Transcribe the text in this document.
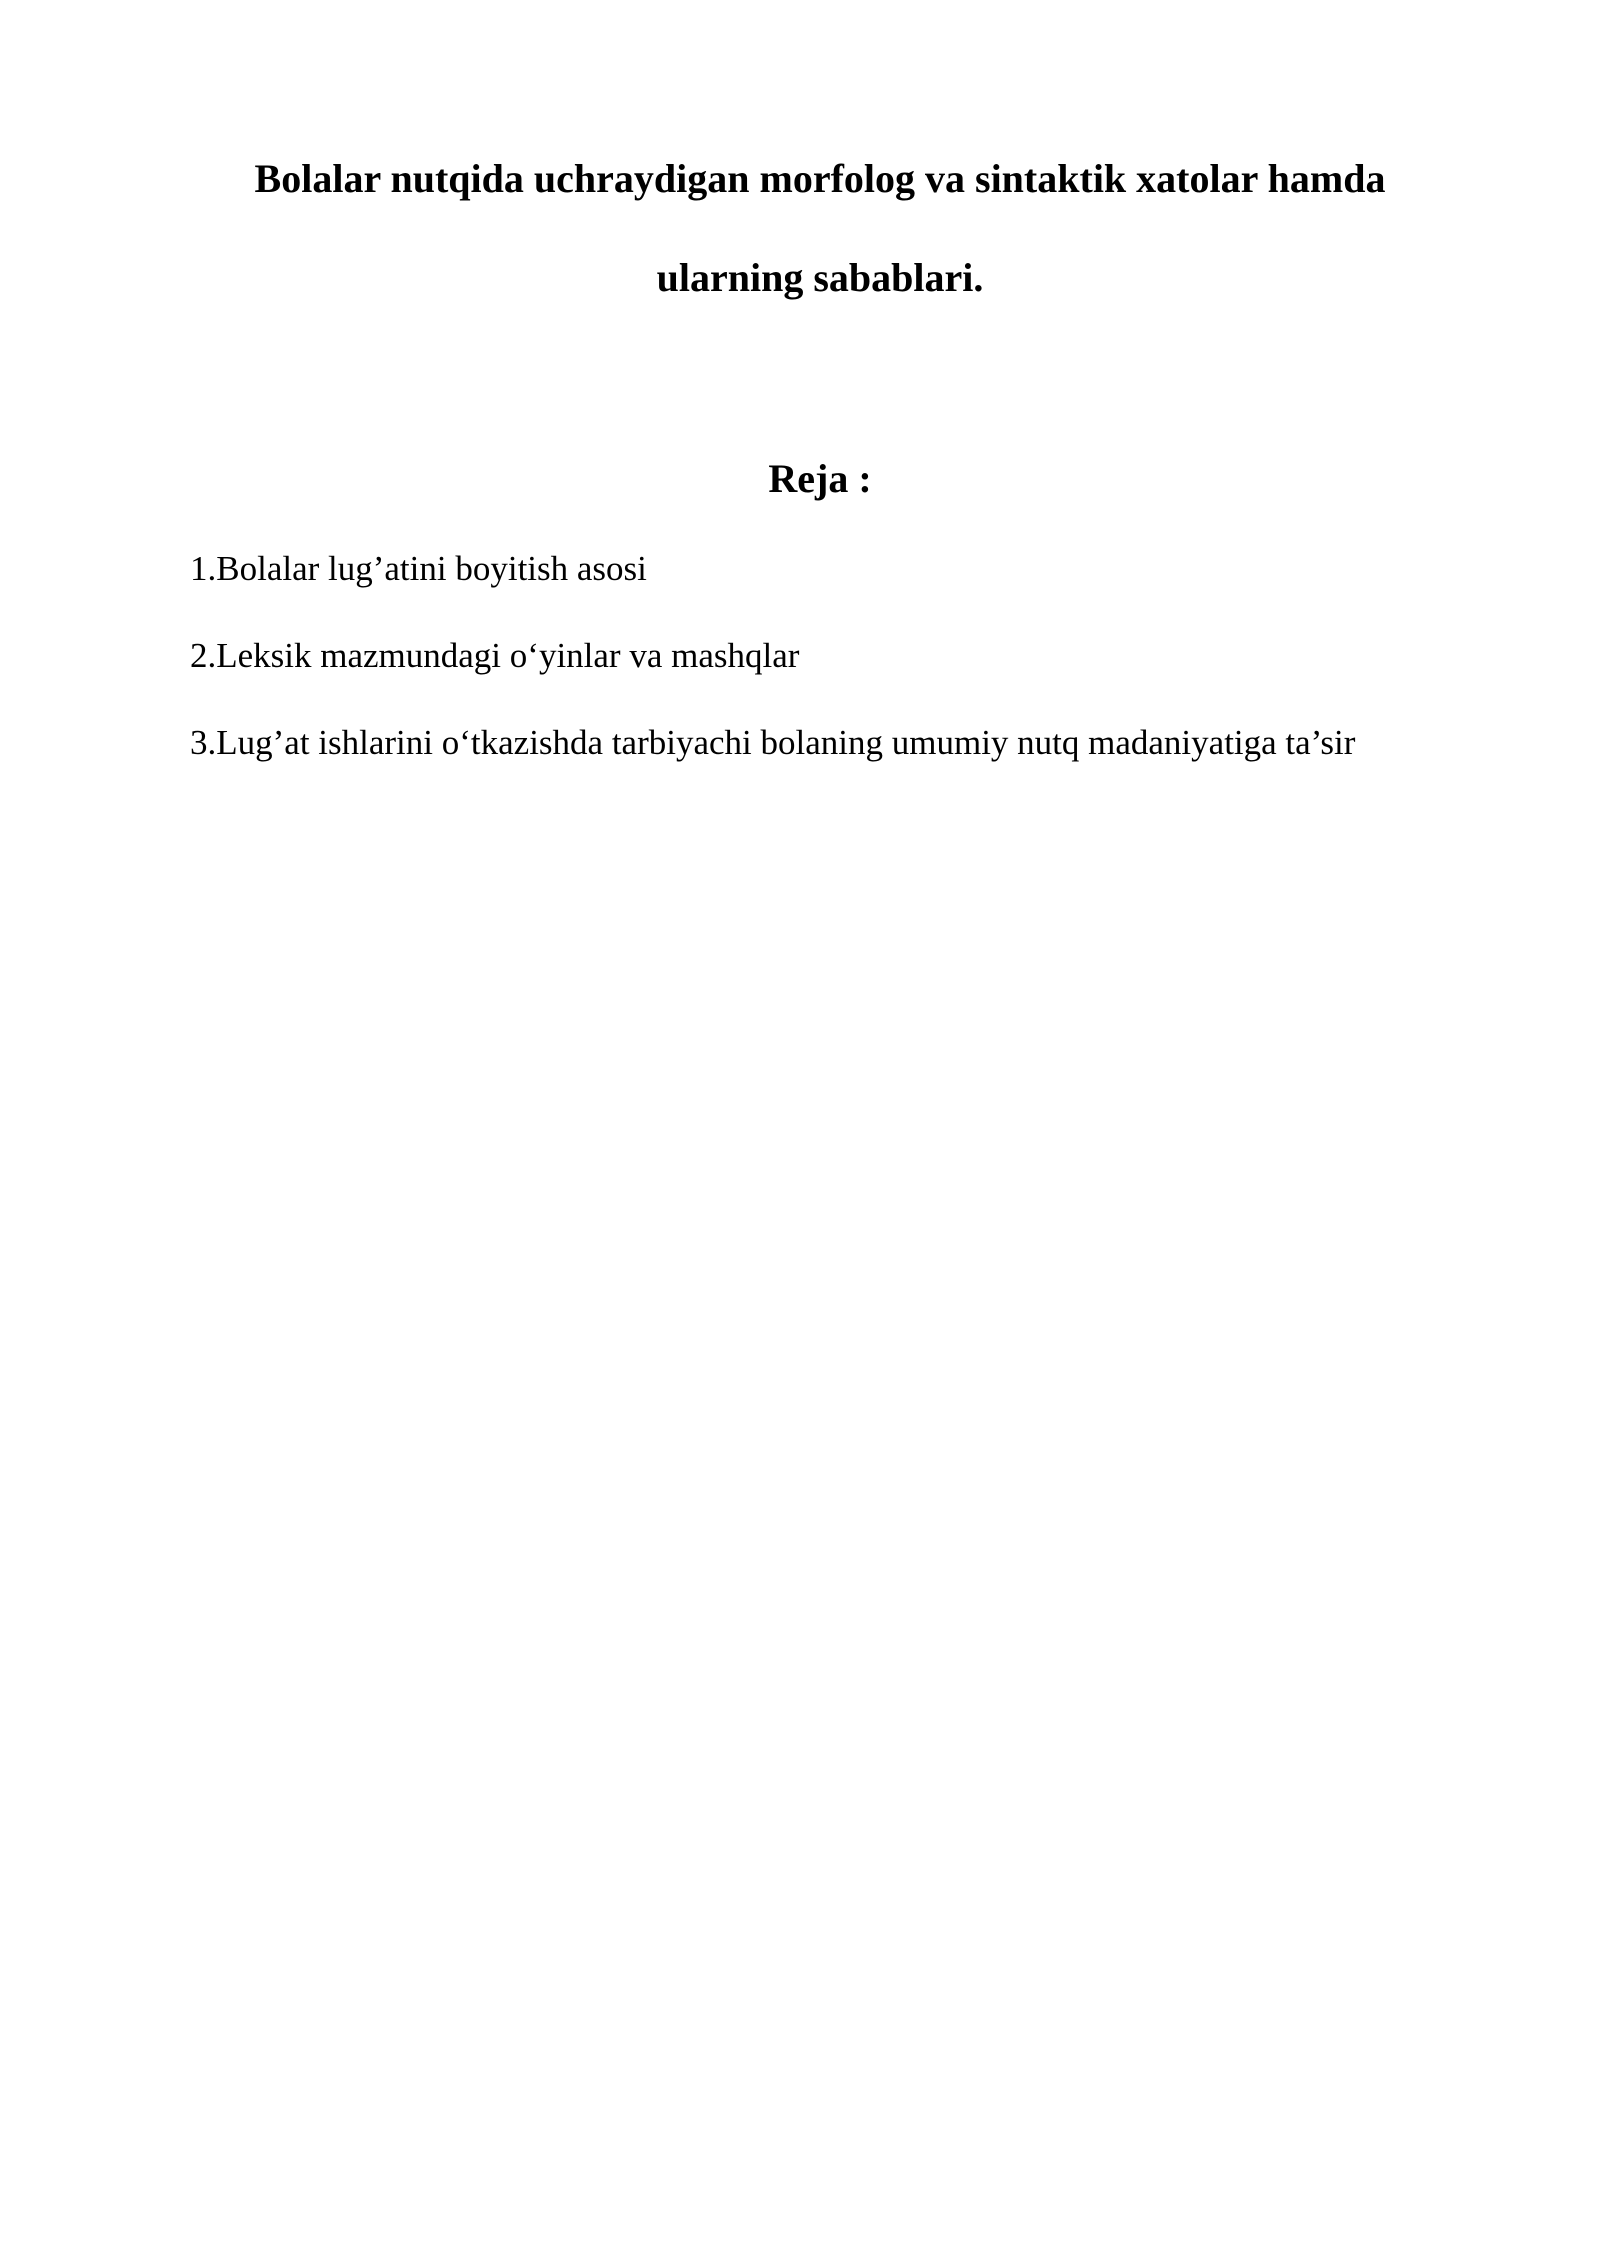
Bolalar nutqida uchraydigan morfolog va sintaktik xatolar hamda
ularning sabablari.
Reja :
1.Bolalar lug’atini boyitish asosi
2.Leksik mazmundagi o‘yinlar va mashqlar
3.Lug’at ishlarini o‘tkazishda tarbiyachi bolaning umumiy nutq madaniyatiga ta’sir
